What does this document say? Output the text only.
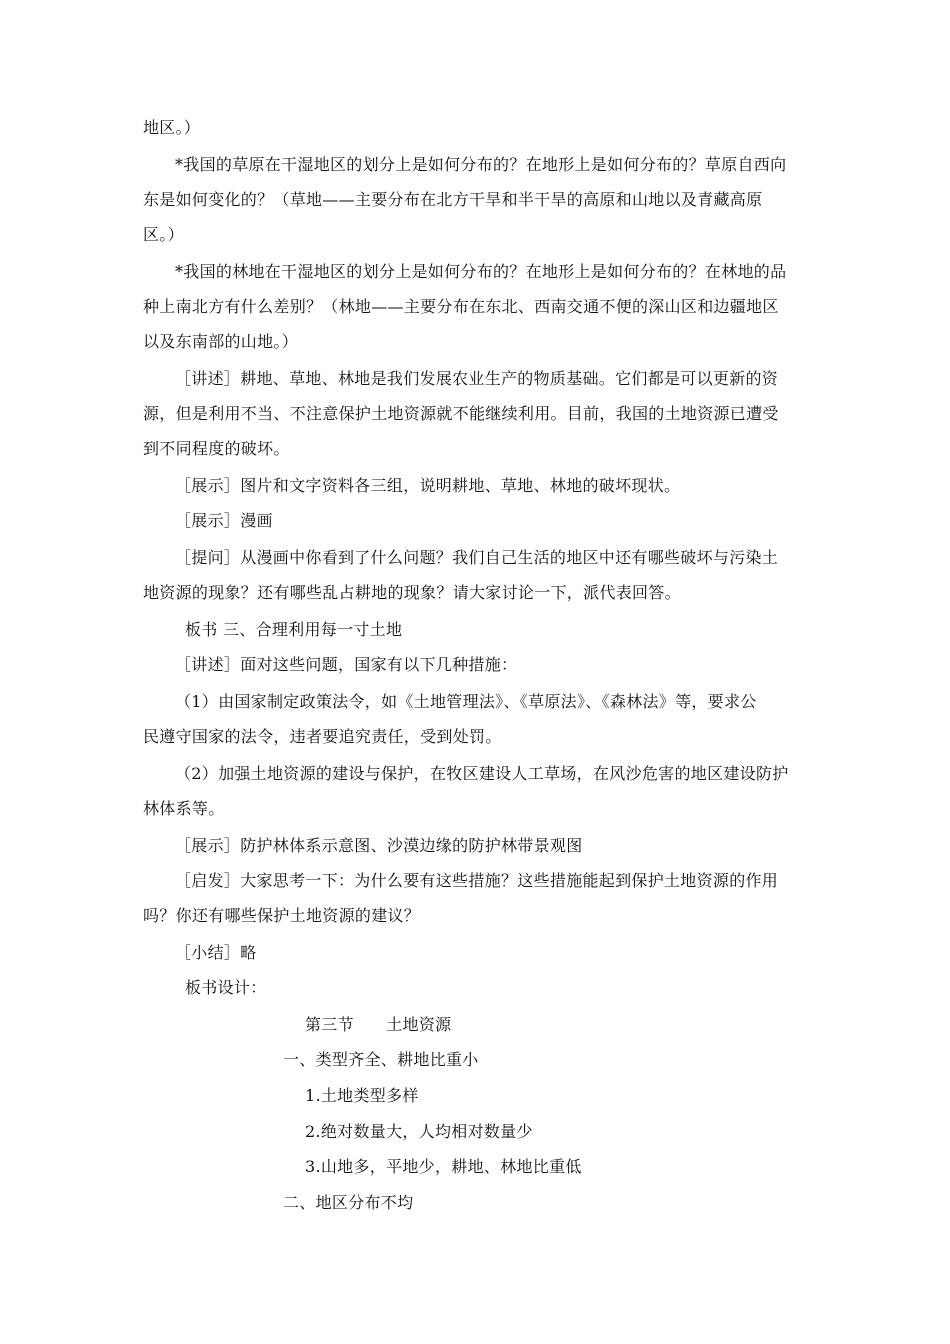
地区。）
*我国的草原在干湿地区的划分上是如何分布的？在地形上是如何分布的？草原自西向
东是如何变化的？（草地——主要分布在北方干旱和半干旱的高原和山地以及青藏高原
区。）
*我国的林地在干湿地区的划分上是如何分布的？在地形上是如何分布的？在林地的品
种上南北方有什么差别？（林地——主要分布在东北、西南交通不便的深山区和边疆地区
以及东南部的山地。）
［讲述］耕地、草地、林地是我们发展农业生产的物质基础。它们都是可以更新的资
源，但是利用不当、不注意保护土地资源就不能继续利用。目前，我国的土地资源已遭受
到不同程度的破坏。
［展示］图片和文字资料各三组，说明耕地、草地、林地的破坏现状。
［展示］漫画
［提问］从漫画中你看到了什么问题？我们自己生活的地区中还有哪些破坏与污染土
地资源的现象？还有哪些乱占耕地的现象？请大家讨论一下，派代表回答。
板书 三、合理利用每一寸土地
［讲述］面对这些问题，国家有以下几种措施：
（1）由国家制定政策法令，如《土地管理法》、《草原法》、《森林法》等，要求公
民遵守国家的法令，违者要追究责任，受到处罚。
（2）加强土地资源的建设与保护，在牧区建设人工草场，在风沙危害的地区建设防护
林体系等。
［展示］防护林体系示意图、沙漠边缘的防护林带景观图
［启发］大家思考一下：为什么要有这些措施？这些措施能起到保护土地资源的作用
吗？你还有哪些保护土地资源的建议？
［小结］略
板书设计：
第三节      土地资源
一、类型齐全、耕地比重小
1.土地类型多样
2.绝对数量大，人均相对数量少
3.山地多，平地少，耕地、林地比重低
二、地区分布不均
